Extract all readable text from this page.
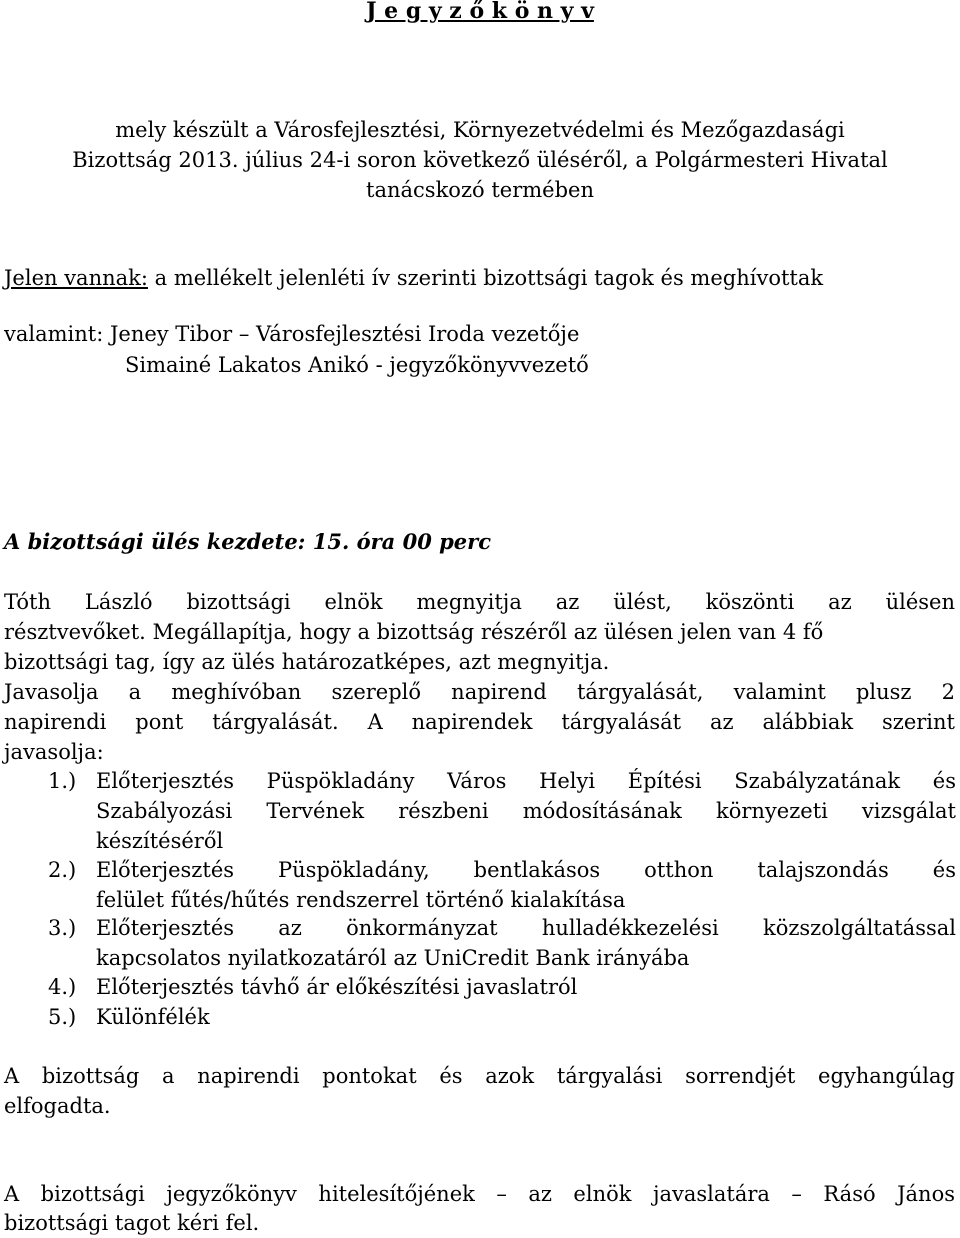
J e g y z ő k ö n y v
mely készült a Városfejlesztési, Környezetvédelmi és Mezőgazdasági
Bizottság 2013. július 24-i soron következő üléséről, a Polgármesteri Hivatal
tanácskozó termében
Jelen vannak: a mellékelt jelenléti ív szerinti bizottsági tagok és meghívottak
valamint: Jeney Tibor – Városfejlesztési Iroda vezetője
Simainé Lakatos Anikó - jegyzőkönyvvezető
A bizottsági ülés kezdete: 15. óra 00 perc
Tóth László bizottsági elnök megnyitja az ülést, köszönti az ülésen
résztvevőket. Megállapítja, hogy a bizottság részéről az ülésen jelen van 4 fő
bizottsági tag, így az ülés határozatképes, azt megnyitja.
Javasolja a meghívóban szereplő napirend tárgyalását, valamint plusz 2
napirendi pont tárgyalását. A napirendek tárgyalását az alábbiak szerint
javasolja:
1.) Előterjesztés Püspökladány Város Helyi Építési Szabályzatának és
Szabályozási Tervének részbeni módosításának környezeti vizsgálat
készítéséről
2.) Előterjesztés Püspökladány, bentlakásos otthon talajszondás és
felület fűtés/hűtés rendszerrel történő kialakítása
3.) Előterjesztés az önkormányzat hulladékkezelési közszolgáltatással
kapcsolatos nyilatkozatáról az UniCredit Bank irányába
4.) Előterjesztés távhő ár előkészítési javaslatról
5.) Különfélék
A bizottság a napirendi pontokat és azok tárgyalási sorrendjét egyhangúlag
elfogadta.
A bizottsági jegyzőkönyv hitelesítőjének – az elnök javaslatára – Rásó János
bizottsági tagot kéri fel.
